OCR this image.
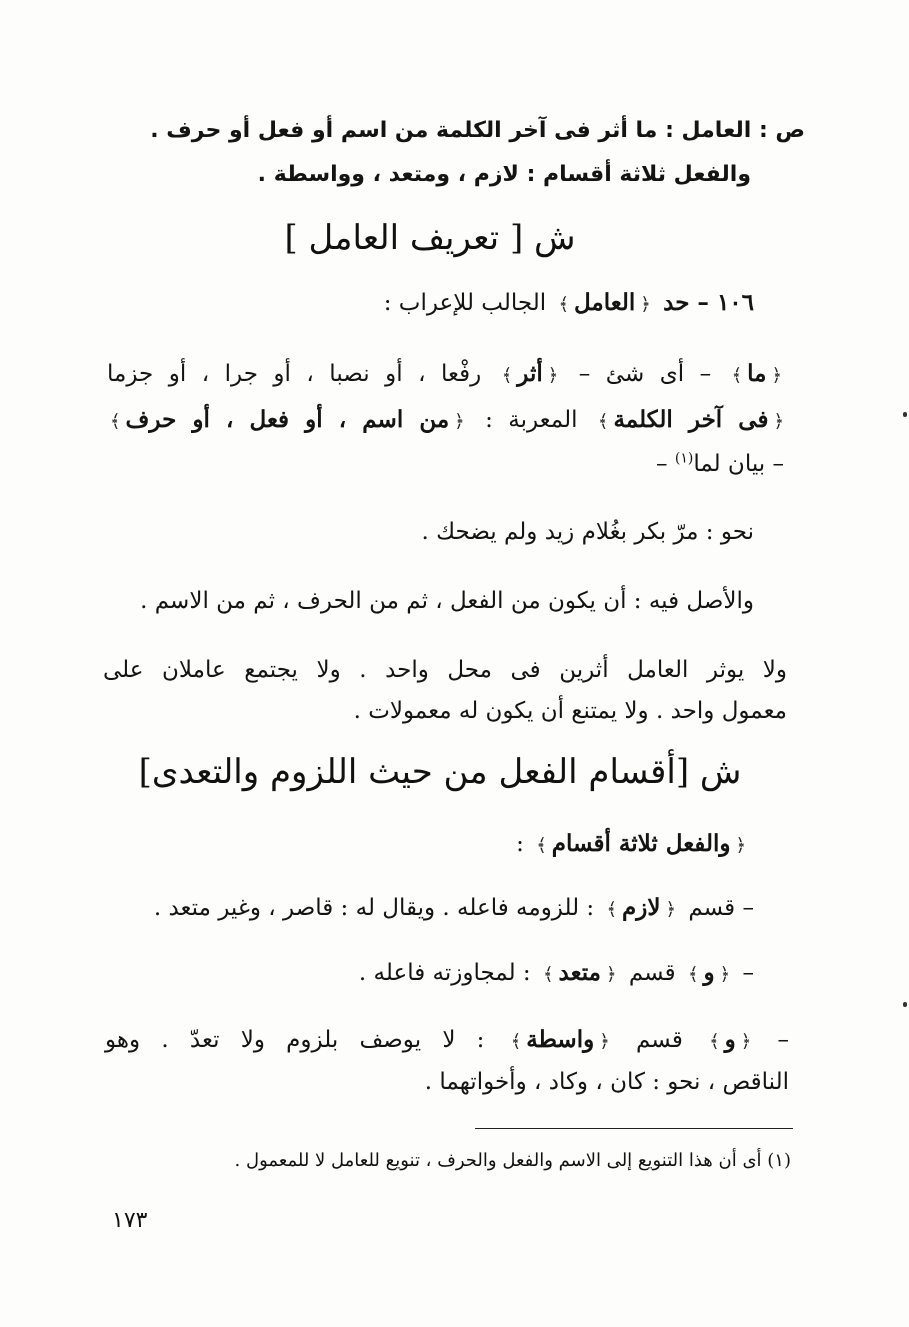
ص : العامل : ما أثر فى آخر الكلمة من اسم أو فعل أو حرف .
والفعل ثلاثة أقسام : لازم ، ومتعد ، وواسطة .
ش [ تعريف العامل ]
١٠٦ – حد ﴿العامل﴾ الجالب للإعراب :
﴿ما﴾ – أى شئ – ﴿أثر﴾ رفْعا ، أو نصبا ، أو جرا ، أو جزما
﴿فى آخر الكلمة﴾ المعربة : ﴿من اسم ، أو فعل ، أو حرف﴾
– بيان لما$^{(١)}$ –
نحو : مرّ بكر بغُلام زيد ولم يضحك .
والأصل فيه : أن يكون من الفعل ، ثم من الحرف ، ثم من الاسم .
ولا يوثر العامل أثرين فى محل واحد . ولا يجتمع عاملان على
معمول واحد . ولا يمتنع أن يكون له معمولات .
ش [أقسام الفعل من حيث اللزوم والتعدى]
﴿والفعل ثلاثة أقسام﴾ :
– قسم ﴿لازم﴾ : للزومه فاعله . ويقال له : قاصر ، وغير متعد .
– ﴿و﴾ قسم ﴿متعد﴾ : لمجاوزته فاعله .
– ﴿و﴾ قسم ﴿واسطة﴾ : لا يوصف بلزوم ولا تعدّ . وهو
الناقص ، نحو : كان ، وكاد ، وأخواتهما .
(١) أى أن هذا التنويع إلى الاسم والفعل والحرف ، تنويع للعامل لا للمعمول .
١٧٣
